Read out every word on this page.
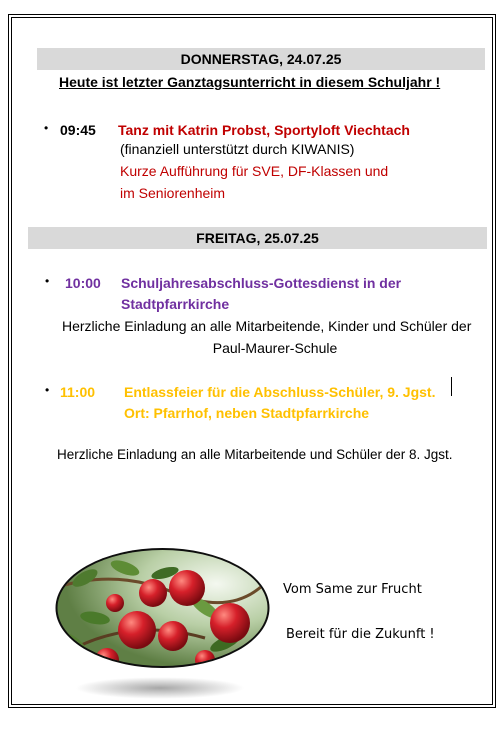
DONNERSTAG, 24.07.25
Heute ist letzter Ganztagsunterricht in diesem Schuljahr !
• 09:45 Tanz mit Katrin Probst, Sportyloft Viechtach
(finanziell unterstützt durch KIWANIS)
Kurze Aufführung für SVE, DF-Klassen und
im Seniorenheim
FREITAG, 25.07.25
• 10:00 Schuljahresabschluss-Gottesdienst in der
Stadtpfarrkirche
Herzliche Einladung an alle Mitarbeitende, Kinder und Schüler der
Paul-Maurer-Schule
• 11:00 Entlassfeier für die Abschluss-Schüler, 9. Jgst.
Ort: Pfarrhof, neben Stadtpfarrkirche
Herzliche Einladung an alle Mitarbeitende und Schüler der 8. Jgst.
Vom Same zur Frucht
Bereit für die Zukunft !
